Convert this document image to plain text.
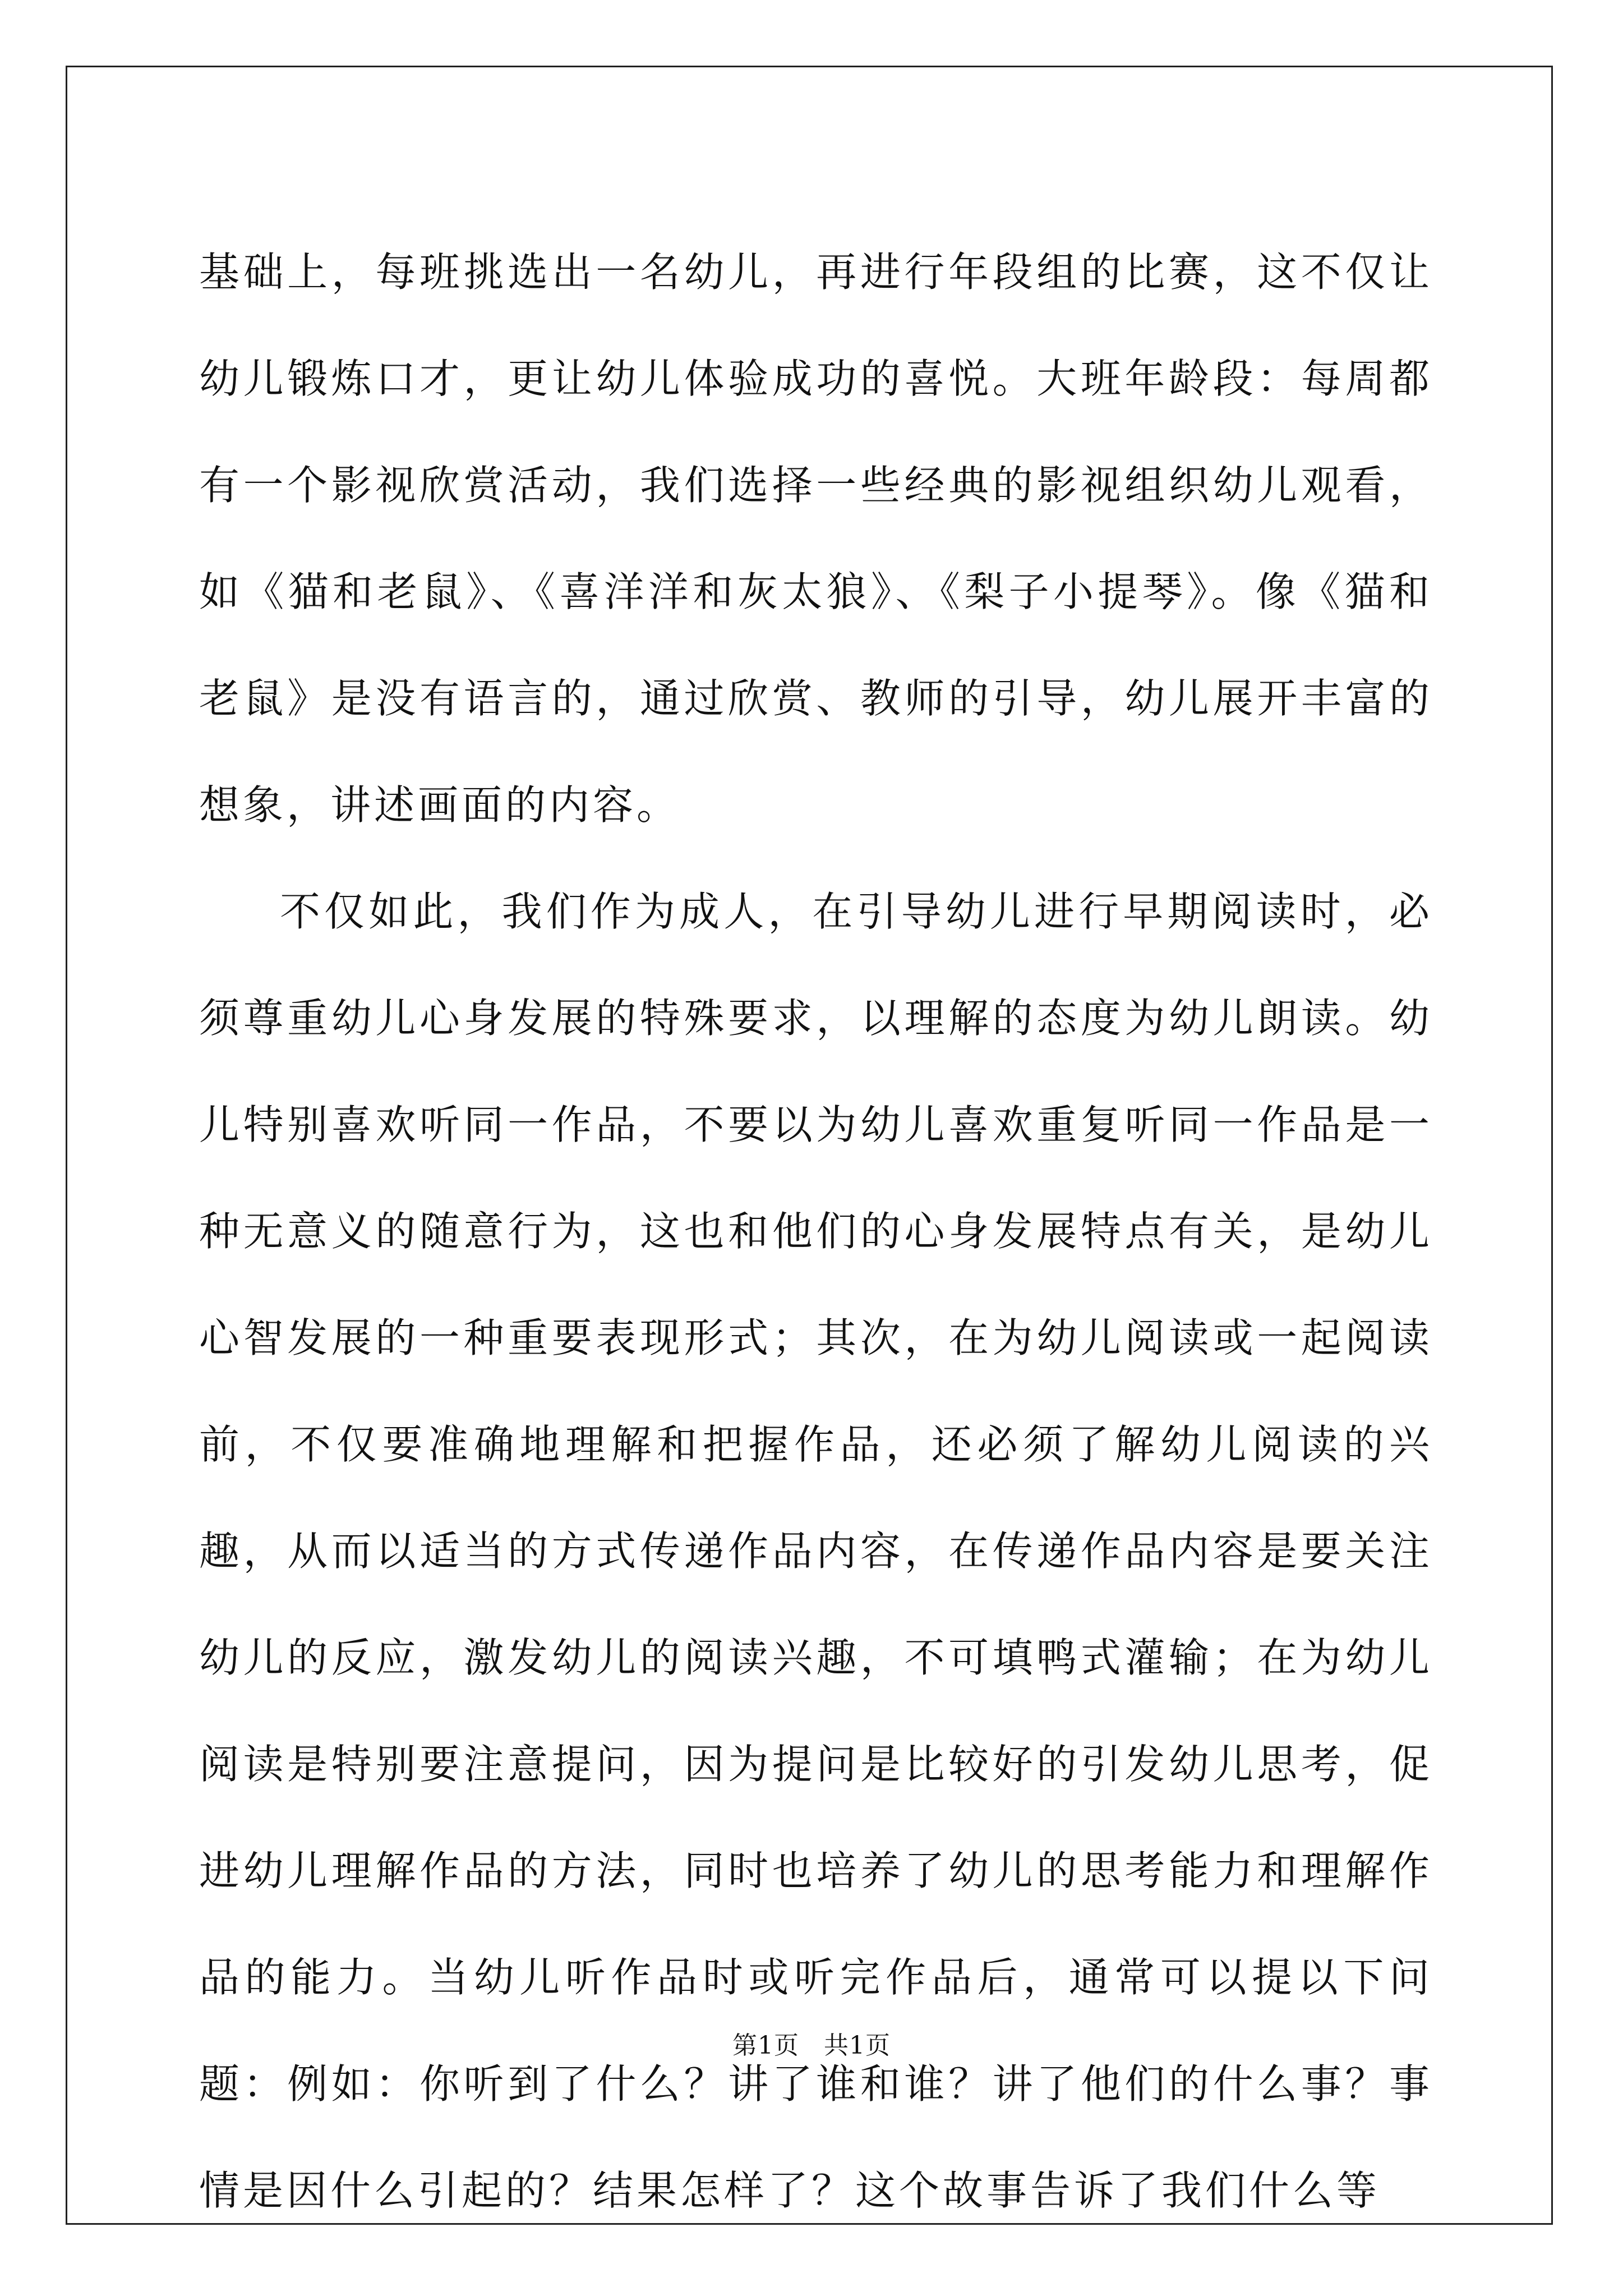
基础上，每班挑选出一名幼儿，再进行年段组的比赛，这不仅让幼儿锻炼口才，更让幼儿体验成功的喜悦。大班年龄段：每周都有一个影视欣赏活动，我们选择一些经典的影视组织幼儿观看，如《猫和老鼠》、《喜洋洋和灰太狼》、《梨子小提琴》。像《猫和老鼠》是没有语言的，通过欣赏、教师的引导，幼儿展开丰富的想象，讲述画面的内容。

不仅如此，我们作为成人，在引导幼儿进行早期阅读时，必须尊重幼儿心身发展的特殊要求，以理解的态度为幼儿朗读。幼儿特别喜欢听同一作品，不要以为幼儿喜欢重复听同一作品是一种无意义的随意行为，这也和他们的心身发展特点有关，是幼儿心智发展的一种重要表现形式；其次，在为幼儿阅读或一起阅读前，不仅要准确地理解和把握作品，还必须了解幼儿阅读的兴趣，从而以适当的方式传递作品内容，在传递作品内容是要关注幼儿的反应，激发幼儿的阅读兴趣，不可填鸭式灌输；在为幼儿阅读是特别要注意提问，因为提问是比较好的引发幼儿思考，促进幼儿理解作品的方法，同时也培养了幼儿的思考能力和理解作品的能力。当幼儿听作品时或听完作品后，通常可以提以下问题：例如：你听到了什么？讲了谁和谁？讲了他们的什么事？事情是因什么引起的？结果怎样了？这个故事告诉了我们什么等

第1页 共1页
